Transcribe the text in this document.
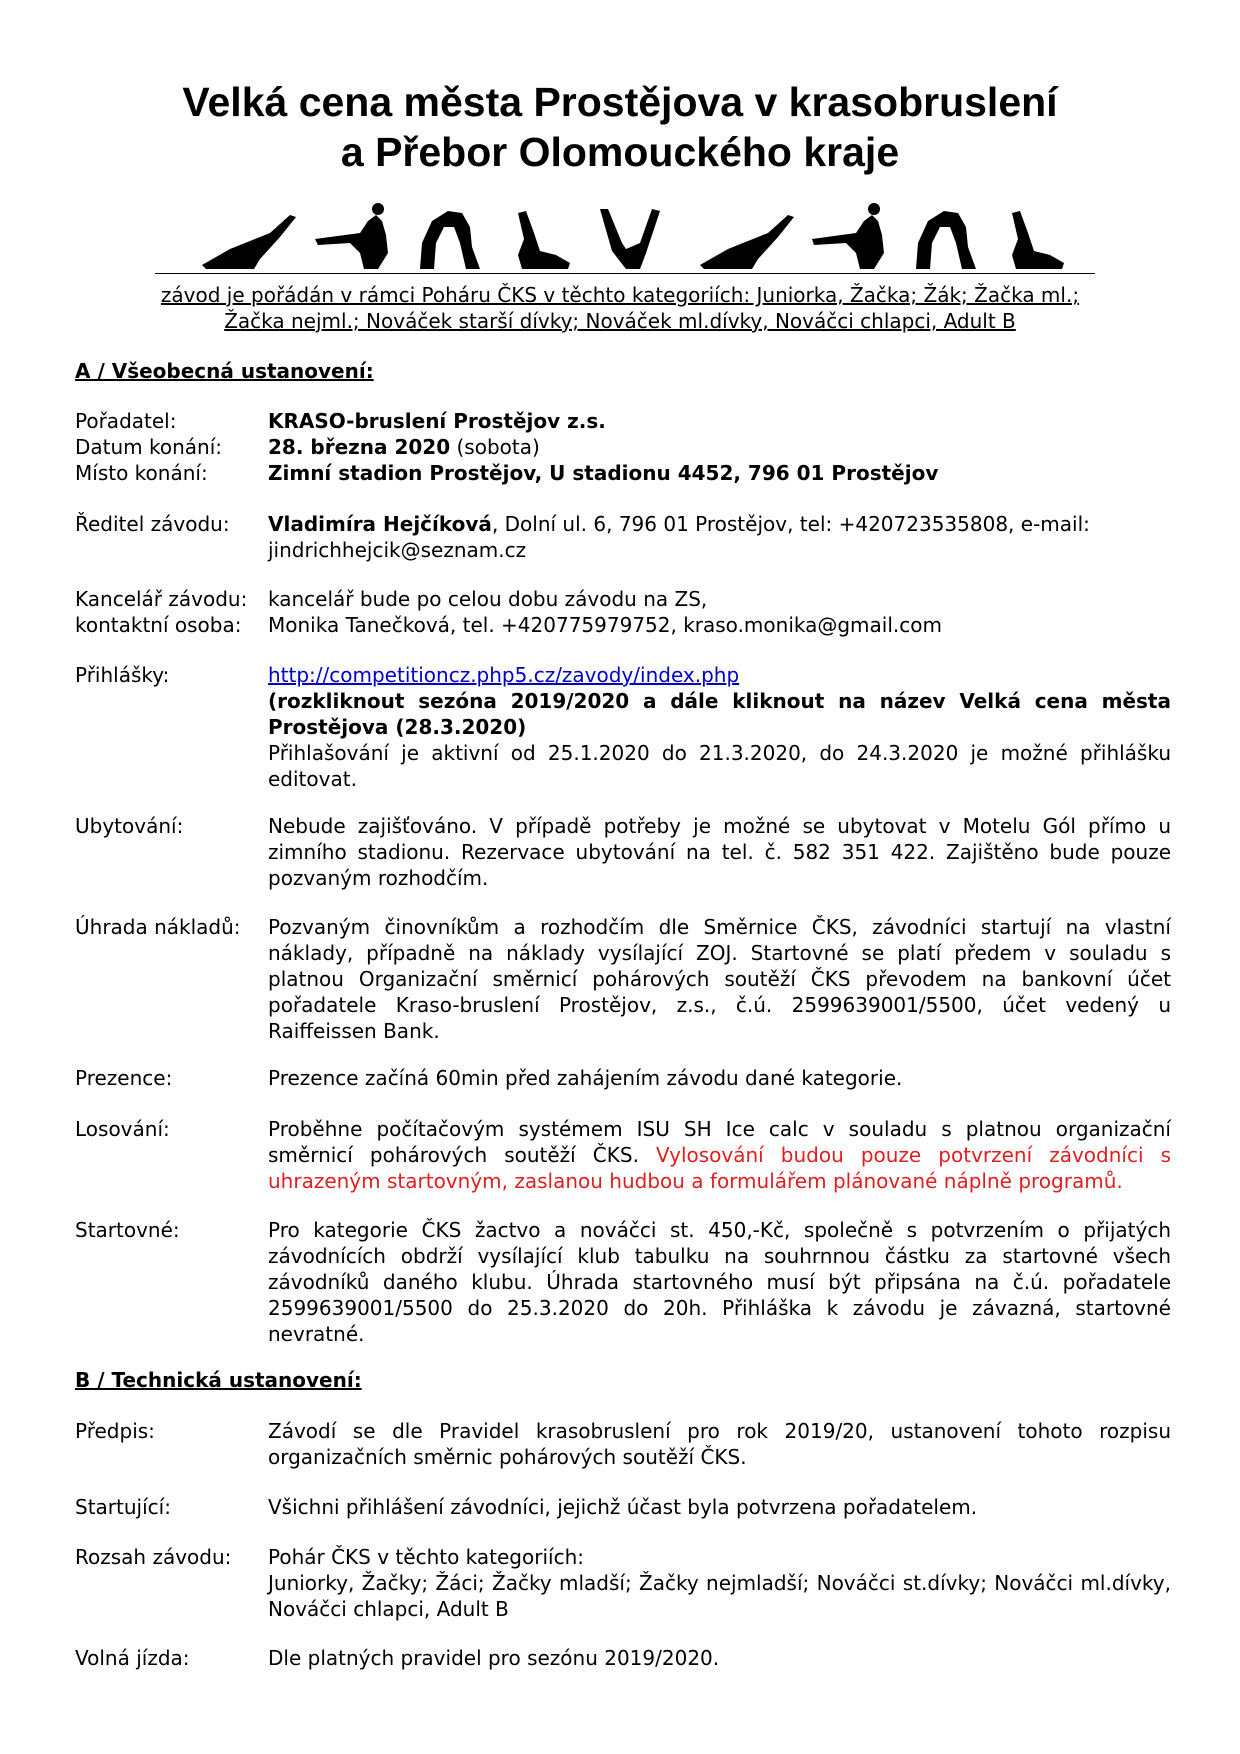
Velká cena města Prostějova v krasobruslení
a Přebor Olomouckého kraje
závod je pořádán v rámci Poháru ČKS v těchto kategoriích: Juniorka, Žačka; Žák; Žačka ml.;
Žačka nejml.; Nováček starší dívky; Nováček ml.dívky, Nováčci chlapci, Adult B
A / Všeobecná ustanovení:
Pořadatel:	KRASO-bruslení Prostějov z.s.
Datum konání: 28. března 2020 (sobota)
Místo konání:	Zimní stadion Prostějov, U stadionu 4452, 796 01 Prostějov
Ředitel závodu: Vladimíra Hejčíková, Dolní ul. 6, 796 01 Prostějov, tel: +420723535808, e-mail:
jindrichhejcik@seznam.cz
Kancelář závodu: kancelář bude po celou dobu závodu na ZS,
kontaktní osoba: Monika Tanečková, tel. +420775979752, kraso.monika@gmail.com
Přihlášky:	http://competitioncz.php5.cz/zavody/index.php
(rozkliknout sezóna 2019/2020 a dále kliknout na název Velká cena města Prostějova (28.3.2020)
Přihlašování je aktivní od 25.1.2020 do 21.3.2020, do 24.3.2020 je možné přihlášku editovat.
Ubytování:	Nebude zajišťováno. V případě potřeby je možné se ubytovat v Motelu Gól přímo u zimního stadionu. Rezervace ubytování na tel. č. 582 351 422. Zajištěno bude pouze pozvaným rozhodčím.
Úhrada nákladů: Pozvaným činovníkům a rozhodčím dle Směrnice ČKS, závodníci startují na vlastní náklady, případně na náklady vysílající ZOJ. Startovné se platí předem v souladu s platnou Organizační směrnicí pohárových soutěží ČKS převodem na bankovní účet pořadatele Kraso-bruslení Prostějov, z.s., č.ú. 2599639001/5500, účet vedený u Raiffeissen Bank.
Prezence:	Prezence začíná 60min před zahájením závodu dané kategorie.
Losování:	Proběhne počítačovým systémem ISU SH Ice calc v souladu s platnou organizační směrnicí pohárových soutěží ČKS. Vylosování budou pouze potvrzení závodníci s uhrazeným startovným, zaslanou hudbou a formulářem plánované náplně programů.
Startovné:	Pro kategorie ČKS žactvo a nováčci st. 450,-Kč, společně s potvrzením o přijatých závodnících obdrží vysílající klub tabulku na souhrnnou částku za startovné všech závodníků daného klubu. Úhrada startovného musí být připsána na č.ú. pořadatele 2599639001/5500 do 25.3.2020 do 20h. Přihláška k závodu je závazná, startovné nevratné.
B / Technická ustanovení:
Předpis:	Závodí se dle Pravidel krasobruslení pro rok 2019/20, ustanovení tohoto rozpisu organizačních směrnic pohárových soutěží ČKS.
Startující:	Všichni přihlášení závodníci, jejichž účast byla potvrzena pořadatelem.
Rozsah závodu: Pohár ČKS v těchto kategoriích:
Juniorky, Žačky; Žáci; Žačky mladší; Žačky nejmladší; Nováčci st.dívky; Nováčci ml.dívky, Nováčci chlapci, Adult B
Volná jízda:	Dle platných pravidel pro sezónu 2019/2020.
